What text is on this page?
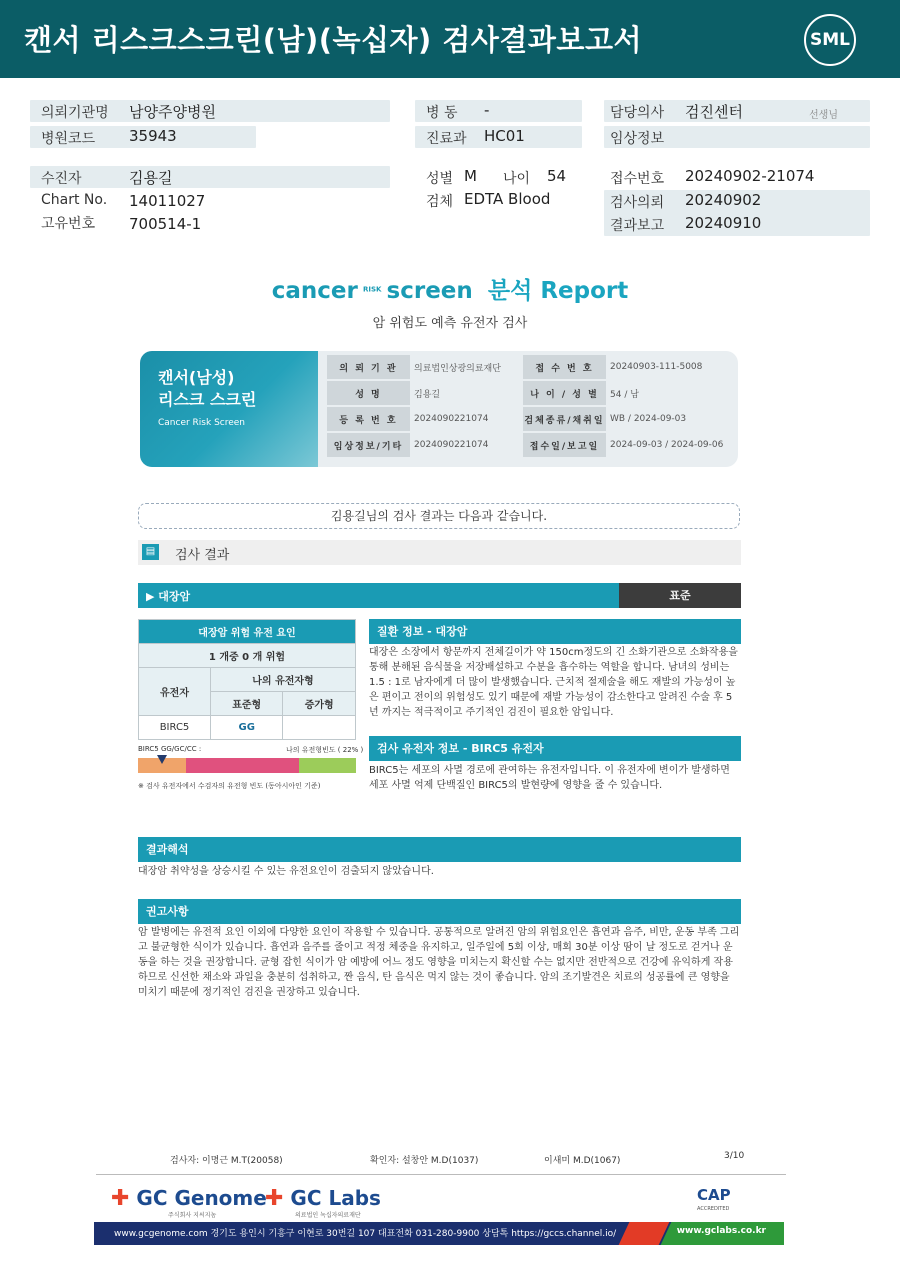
캔서 리스크스크린(남)(녹십자) 검사결과보고서	SML
의뢰기관명 남양주양병원
병원코드 35943
수진자	김용길
Chart No. 14011027
고유번호 700514-1
병 동 -
진료과 HC01
성별 M 나이 54
검체 EDTA Blood
담당의사 검진센터	선생님
임상정보
접수번호 20240902-21074
검사의뢰 20240902
결과보고 20240910
cancer $^{RISK}$ screen 분석 Report
암 위험도 예측 유전자 검사
캔서(남성)
리스크 스크린
Cancer Risk Screen
의 뢰 기 관	의료법인상광의료재단	접 수 번 호	20240903-111-5008
성 명	김용길	나 이 / 성 별	54 / 남
등 록 번 호	2024090221074	검체종류/채취일 WB / 2024-09-03
임상정보/기타	2024090221074	접수일/보고일	2024-09-03 / 2024-09-06
김용길님의 검사 결과는 다음과 같습니다.
▤ 검사 결과
▶ 대장암	표준
대장암 위험 유전 요인		
1 개중 0 개 위험		
유전자	나의 유전자형	
	표준형	증가형
BIRC5	GG	
BIRC5 GG/GC/CC :	나의 유전형빈도 ( 22% )
※ 검사 유전자에서 수검자의 유전형 빈도 (동아시아인 기준)
질환 정보 - 대장암
대장은 소장에서 항문까지 전체길이가 약 150cm정도의 긴 소화기관으로 소화작용을 통해 분해된 음식물을 저장배설하고 수분을 흡수하는 역할을 합니다. 남녀의 성비는 1.5 : 1로 남자에게 더 많이 발생했습니다. 근치적 절제술을 해도 재발의 가능성이 높은 편이고 전이의 위험성도 있기 때문에 재발 가능성이 감소한다고 알려진 수술 후 5년 까지는 적극적이고 주기적인 검진이 필요한 암입니다.
검사 유전자 정보 - BIRC5 유전자
BIRC5는 세포의 사멸 경로에 관여하는 유전자입니다. 이 유전자에 변이가 발생하면 세포 사멸 억제 단백질인 BIRC5의 발현량에 영향을 줄 수 있습니다.
결과해석
대장암 취약성을 상승시킬 수 있는 유전요인이 검출되지 않았습니다.
권고사항
암 발병에는 유전적 요인 이외에 다양한 요인이 작용할 수 있습니다. 공통적으로 알려진 암의 위험요인은 흡연과 음주, 비만, 운동 부족 그리고 불균형한 식이가 있습니다. 흡연과 음주를 줄이고 적정 체중을 유지하고, 일주일에 5회 이상, 매회 30분 이상 땀이 날 정도로 걷거나 운동을 하는 것을 권장합니다. 균형 잡힌 식이가 암 예방에 어느 정도 영향을 미치는지 확신할 수는 없지만 전반적으로 건강에 유익하게 작용하므로 신선한 채소와 과일을 충분히 섭취하고, 짠 음식, 탄 음식은 먹지 않는 것이 좋습니다. 암의 조기발견은 치료의 성공률에 큰 영향을 미치기 때문에 정기적인 검진을 권장하고 있습니다.
검사자: 이명근 M.T(20058)	확인자: 설창안 M.D(1037)	이새미 M.D(1067)	3/10
✚ GC Genome
주식회사 지씨지놈
✚ GC Labs
의료법인 녹십자의료재단
CAP
ACCREDITED
www.gcgenome.com 경기도 용인시 기흥구 이현로 30번길 107 대표전화 031-280-9900 상담톡 https://gccs.channel.io/	www.gclabs.co.kr
